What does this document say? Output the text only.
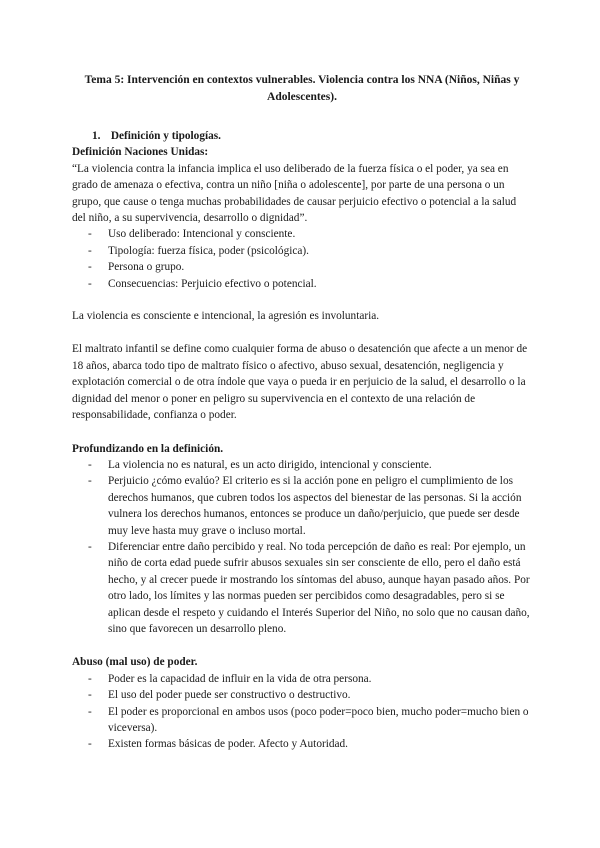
Tema 5: Intervención en contextos vulnerables. Violencia contra los NNA (Niños, Niñas y Adolescentes).

1. Definición y tipologías.

Definición Naciones Unidas:

“La violencia contra la infancia implica el uso deliberado de la fuerza física o el poder, ya sea en grado de amenaza o efectiva, contra un niño [niña o adolescente], por parte de una persona o un grupo, que cause o tenga muchas probabilidades de causar perjuicio efectivo o potencial a la salud del niño, a su supervivencia, desarrollo o dignidad”.

- Uso deliberado: Intencional y consciente.
- Tipología: fuerza física, poder (psicológica).
- Persona o grupo.
- Consecuencias: Perjuicio efectivo o potencial.

La violencia es consciente e intencional, la agresión es involuntaria.

El maltrato infantil se define como cualquier forma de abuso o desatención que afecte a un menor de 18 años, abarca todo tipo de maltrato físico o afectivo, abuso sexual, desatención, negligencia y explotación comercial o de otra índole que vaya o pueda ir en perjuicio de la salud, el desarrollo o la dignidad del menor o poner en peligro su supervivencia en el contexto de una relación de responsabilidade, confianza o poder.

Profundizando en la definición.

- La violencia no es natural, es un acto dirigido, intencional y consciente.
- Perjuicio ¿cómo evalúo? El criterio es si la acción pone en peligro el cumplimiento de los derechos humanos, que cubren todos los aspectos del bienestar de las personas. Si la acción vulnera los derechos humanos, entonces se produce un daño/perjuicio, que puede ser desde muy leve hasta muy grave o incluso mortal.
- Diferenciar entre daño percibido y real. No toda percepción de daño es real: Por ejemplo, un niño de corta edad puede sufrir abusos sexuales sin ser consciente de ello, pero el daño está hecho, y al crecer puede ir mostrando los síntomas del abuso, aunque hayan pasado años. Por otro lado, los límites y las normas pueden ser percibidos como desagradables, pero si se aplican desde el respeto y cuidando el Interés Superior del Niño, no solo que no causan daño, sino que favorecen un desarrollo pleno.

Abuso (mal uso) de poder.

- Poder es la capacidad de influir en la vida de otra persona.
- El uso del poder puede ser constructivo o destructivo.
- El poder es proporcional en ambos usos (poco poder=poco bien, mucho poder=mucho bien o viceversa).
- Existen formas básicas de poder. Afecto y Autoridad.
